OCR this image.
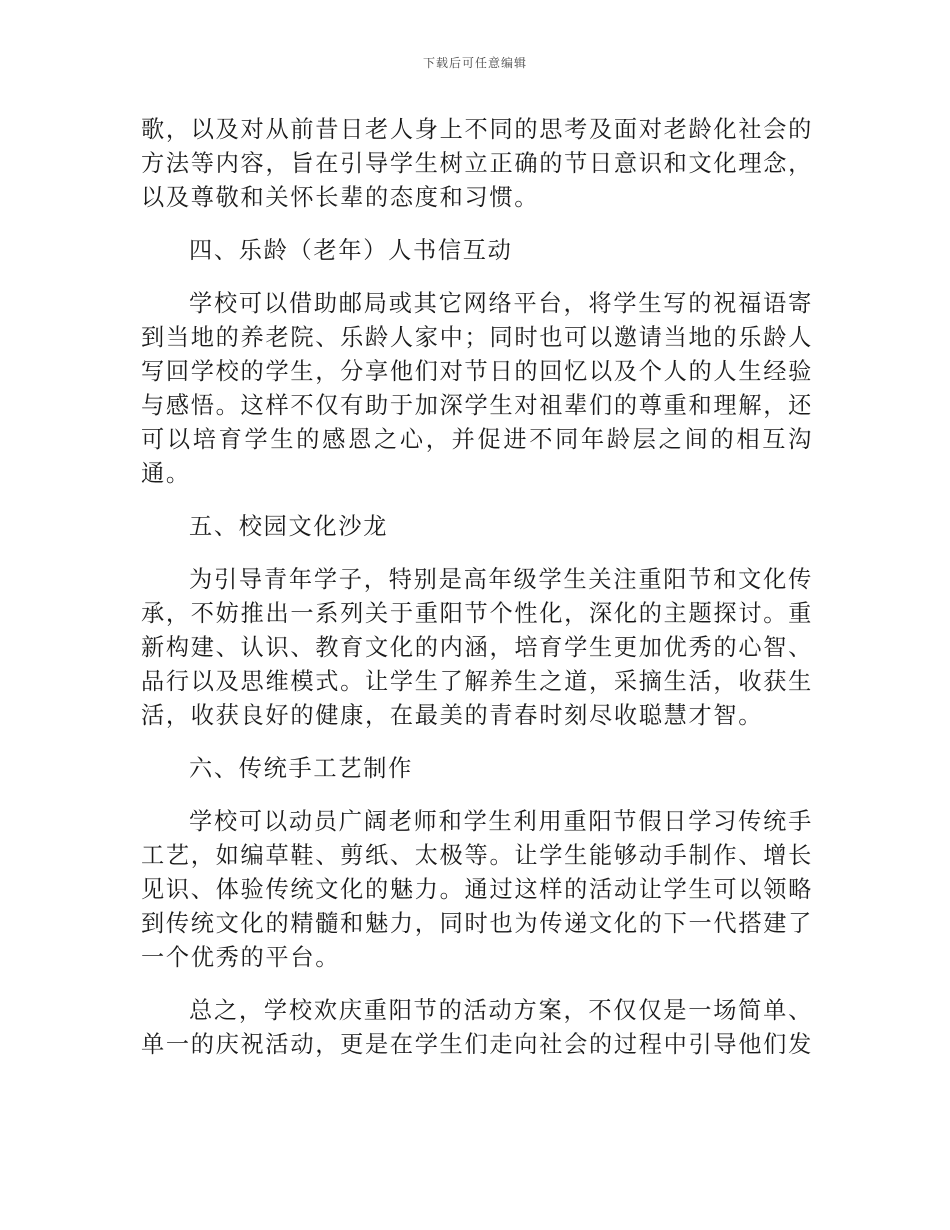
下载后可任意编辑

歌，以及对从前昔日老人身上不同的思考及面对老龄化社会的方法等内容，旨在引导学生树立正确的节日意识和文化理念，以及尊敬和关怀长辈的态度和习惯。

四、乐龄（老年）人书信互动

学校可以借助邮局或其它网络平台，将学生写的祝福语寄到当地的养老院、乐龄人家中；同时也可以邀请当地的乐龄人写回学校的学生，分享他们对节日的回忆以及个人的人生经验与感悟。这样不仅有助于加深学生对祖辈们的尊重和理解，还可以培育学生的感恩之心，并促进不同年龄层之间的相互沟通。

五、校园文化沙龙

为引导青年学子，特别是高年级学生关注重阳节和文化传承，不妨推出一系列关于重阳节个性化，深化的主题探讨。重新构建、认识、教育文化的内涵，培育学生更加优秀的心智、品行以及思维模式。让学生了解养生之道，采摘生活，收获生活，收获良好的健康，在最美的青春时刻尽收聪慧才智。

六、传统手工艺制作

学校可以动员广阔老师和学生利用重阳节假日学习传统手工艺，如编草鞋、剪纸、太极等。让学生能够动手制作、增长见识、体验传统文化的魅力。通过这样的活动让学生可以领略到传统文化的精髓和魅力，同时也为传递文化的下一代搭建了一个优秀的平台。

总之，学校欢庆重阳节的活动方案，不仅仅是一场简单、单一的庆祝活动，更是在学生们走向社会的过程中引导他们发
